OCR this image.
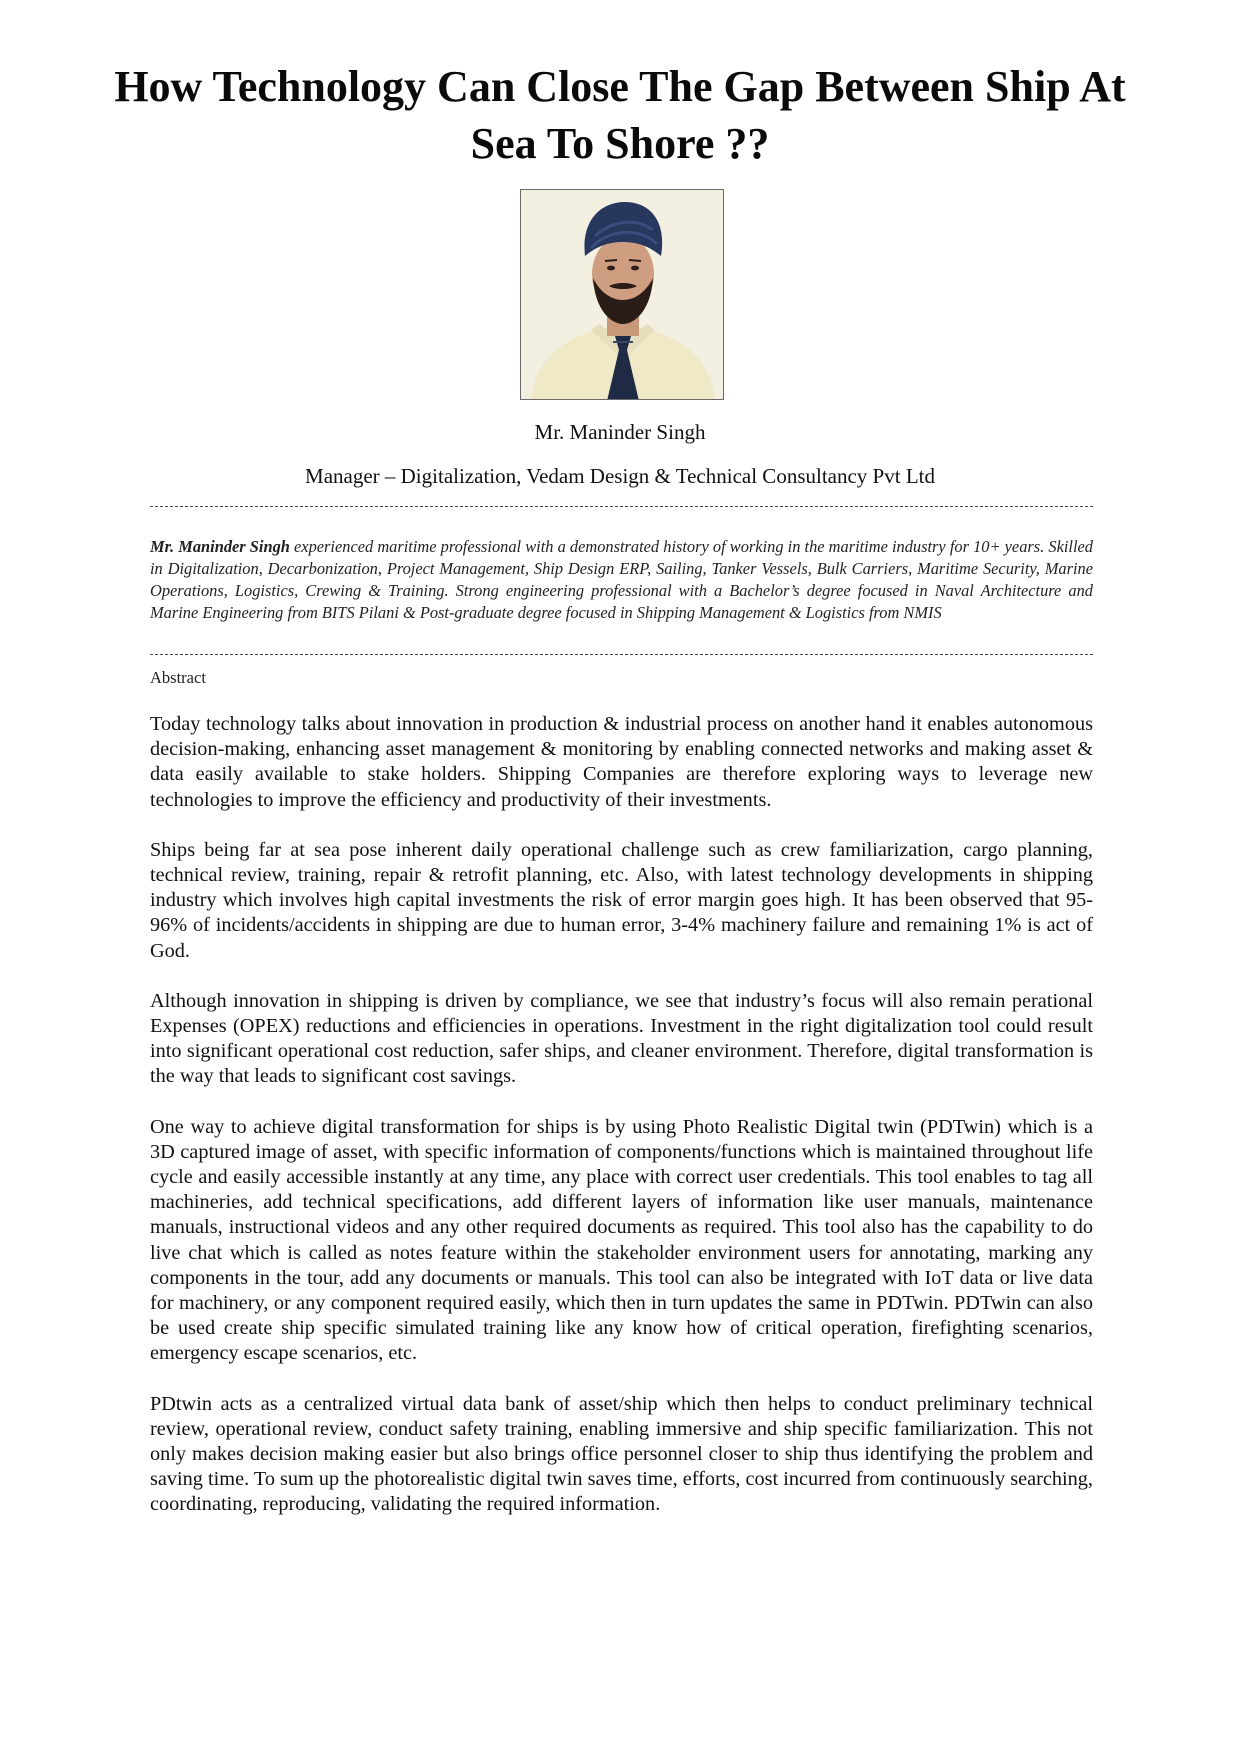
How Technology Can Close The Gap Between Ship At Sea To Shore ??
Mr. Maninder Singh
Manager – Digitalization, Vedam Design & Technical Consultancy Pvt Ltd

Mr. Maninder Singh experienced maritime professional with a demonstrated history of working in the maritime industry for 10+ years. Skilled in Digitalization, Decarbonization, Project Management, Ship Design ERP, Sailing, Tanker Vessels, Bulk Carriers, Maritime Security, Marine Operations, Logistics, Crewing & Training. Strong engineering professional with a Bachelor’s degree focused in Naval Architecture and Marine Engineering from BITS Pilani & Post-graduate degree focused in Shipping Management & Logistics from NMIS

Abstract

Today technology talks about innovation in production & industrial process on another hand it enables autonomous decision-making, enhancing asset management & monitoring by enabling connected networks and making asset & data easily available to stake holders. Shipping Companies are therefore exploring ways to leverage new technologies to improve the efficiency and productivity of their investments.

Ships being far at sea pose inherent daily operational challenge such as crew familiarization, cargo planning, technical review, training, repair & retrofit planning, etc. Also, with latest technology developments in shipping industry which involves high capital investments the risk of error margin goes high. It has been observed that 95-96% of incidents/accidents in shipping are due to human error, 3-4% machinery failure and remaining 1% is act of God.

Although innovation in shipping is driven by compliance, we see that industry’s focus will also remain perational Expenses (OPEX) reductions and efficiencies in operations. Investment in the right digitalization tool could result into significant operational cost reduction, safer ships, and cleaner environment. Therefore, digital transformation is the way that leads to significant cost savings.

One way to achieve digital transformation for ships is by using Photo Realistic Digital twin (PDTwin) which is a 3D captured image of asset, with specific information of components/functions which is maintained throughout life cycle and easily accessible instantly at any time, any place with correct user credentials. This tool enables to tag all machineries, add technical specifications, add different layers of information like user manuals, maintenance manuals, instructional videos and any other required documents as required. This tool also has the capability to do live chat which is called as notes feature within the stakeholder environment users for annotating, marking any components in the tour, add any documents or manuals. This tool can also be integrated with IoT data or live data for machinery, or any component required easily, which then in turn updates the same in PDTwin. PDTwin can also be used create ship specific simulated training like any know how of critical operation, firefighting scenarios, emergency escape scenarios, etc.

PDtwin acts as a centralized virtual data bank of asset/ship which then helps to conduct preliminary technical review, operational review, conduct safety training, enabling immersive and ship specific familiarization. This not only makes decision making easier but also brings office personnel closer to ship thus identifying the problem and saving time. To sum up the photorealistic digital twin saves time, efforts, cost incurred from continuously searching, coordinating, reproducing, validating the required information.
